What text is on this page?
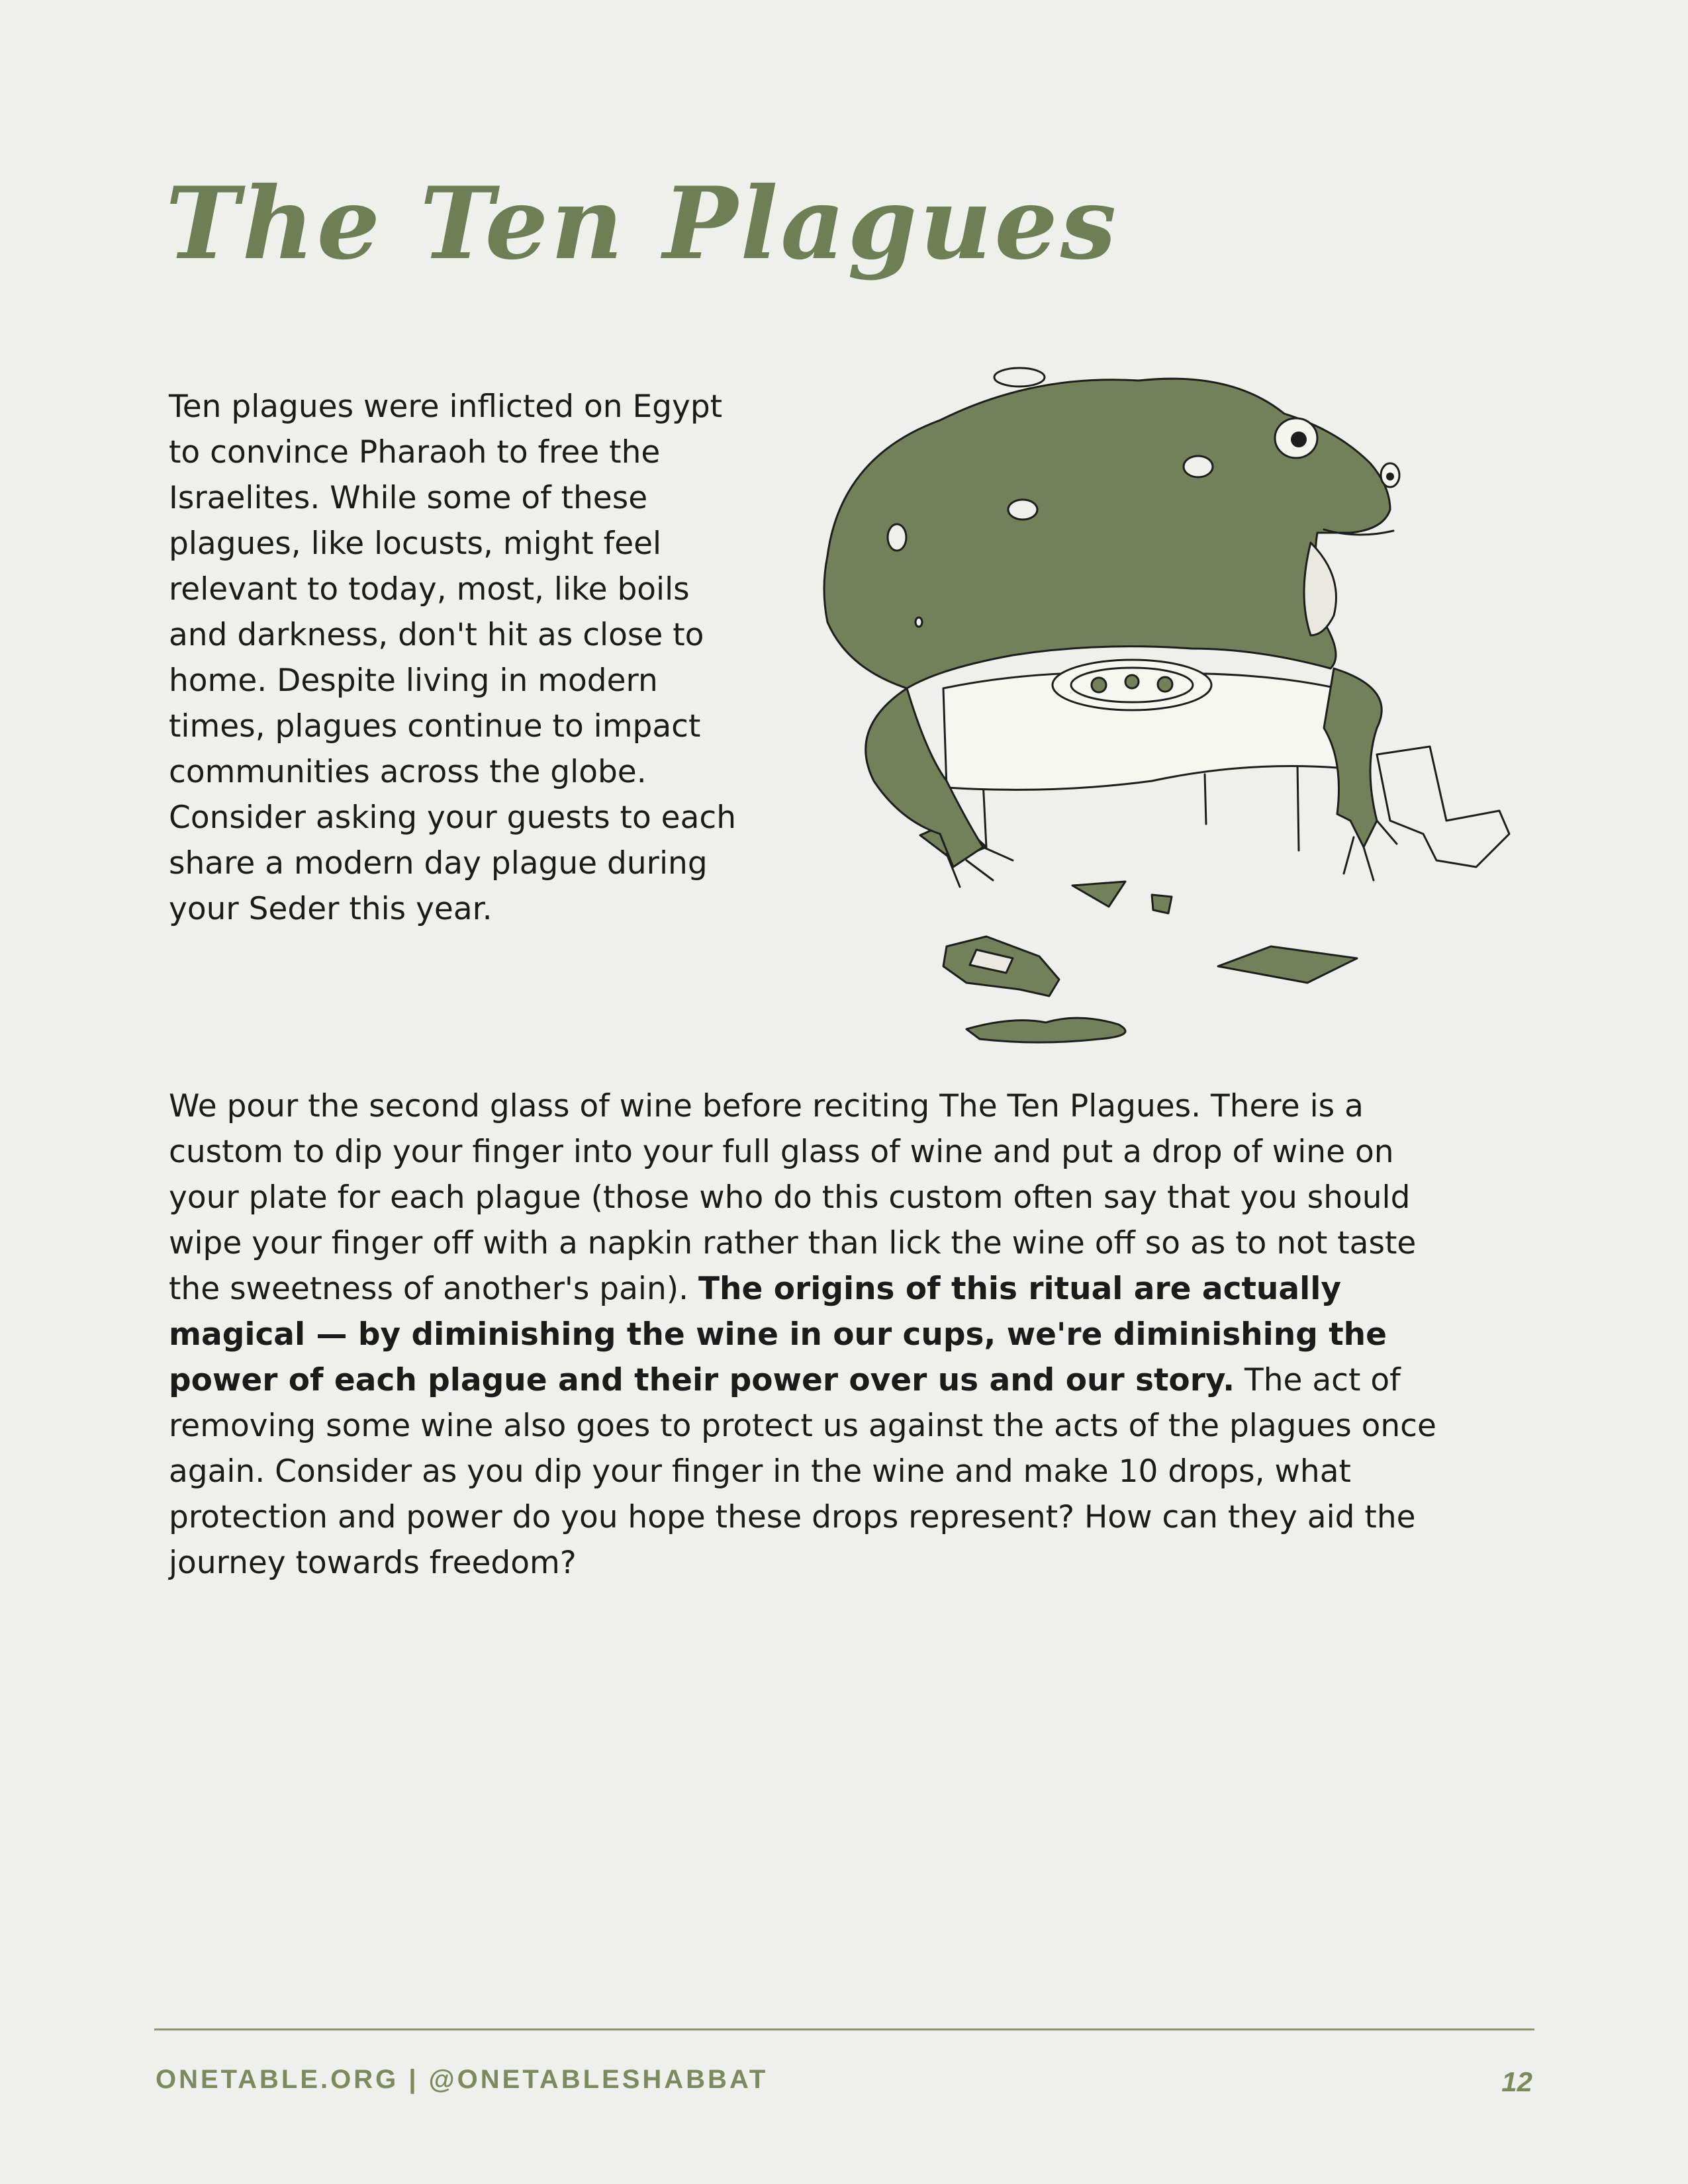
The Ten Plagues

Ten plagues were inflicted on Egypt to convince Pharaoh to free the Israelites. While some of these plagues, like locusts, might feel relevant to today, most, like boils and darkness, don't hit as close to home. Despite living in modern times, plagues continue to impact communities across the globe. Consider asking your guests to each share a modern day plague during your Seder this year.

We pour the second glass of wine before reciting The Ten Plagues. There is a custom to dip your finger into your full glass of wine and put a drop of wine on your plate for each plague (those who do this custom often say that you should wipe your finger off with a napkin rather than lick the wine off so as to not taste the sweetness of another's pain). The origins of this ritual are actually magical — by diminishing the wine in our cups, we're diminishing the power of each plague and their power over us and our story. The act of removing some wine also goes to protect us against the acts of the plagues once again. Consider as you dip your finger in the wine and make 10 drops, what protection and power do you hope these drops represent? How can they aid the journey towards freedom?

ONETABLE.ORG | @ONETABLESHABBAT	12
